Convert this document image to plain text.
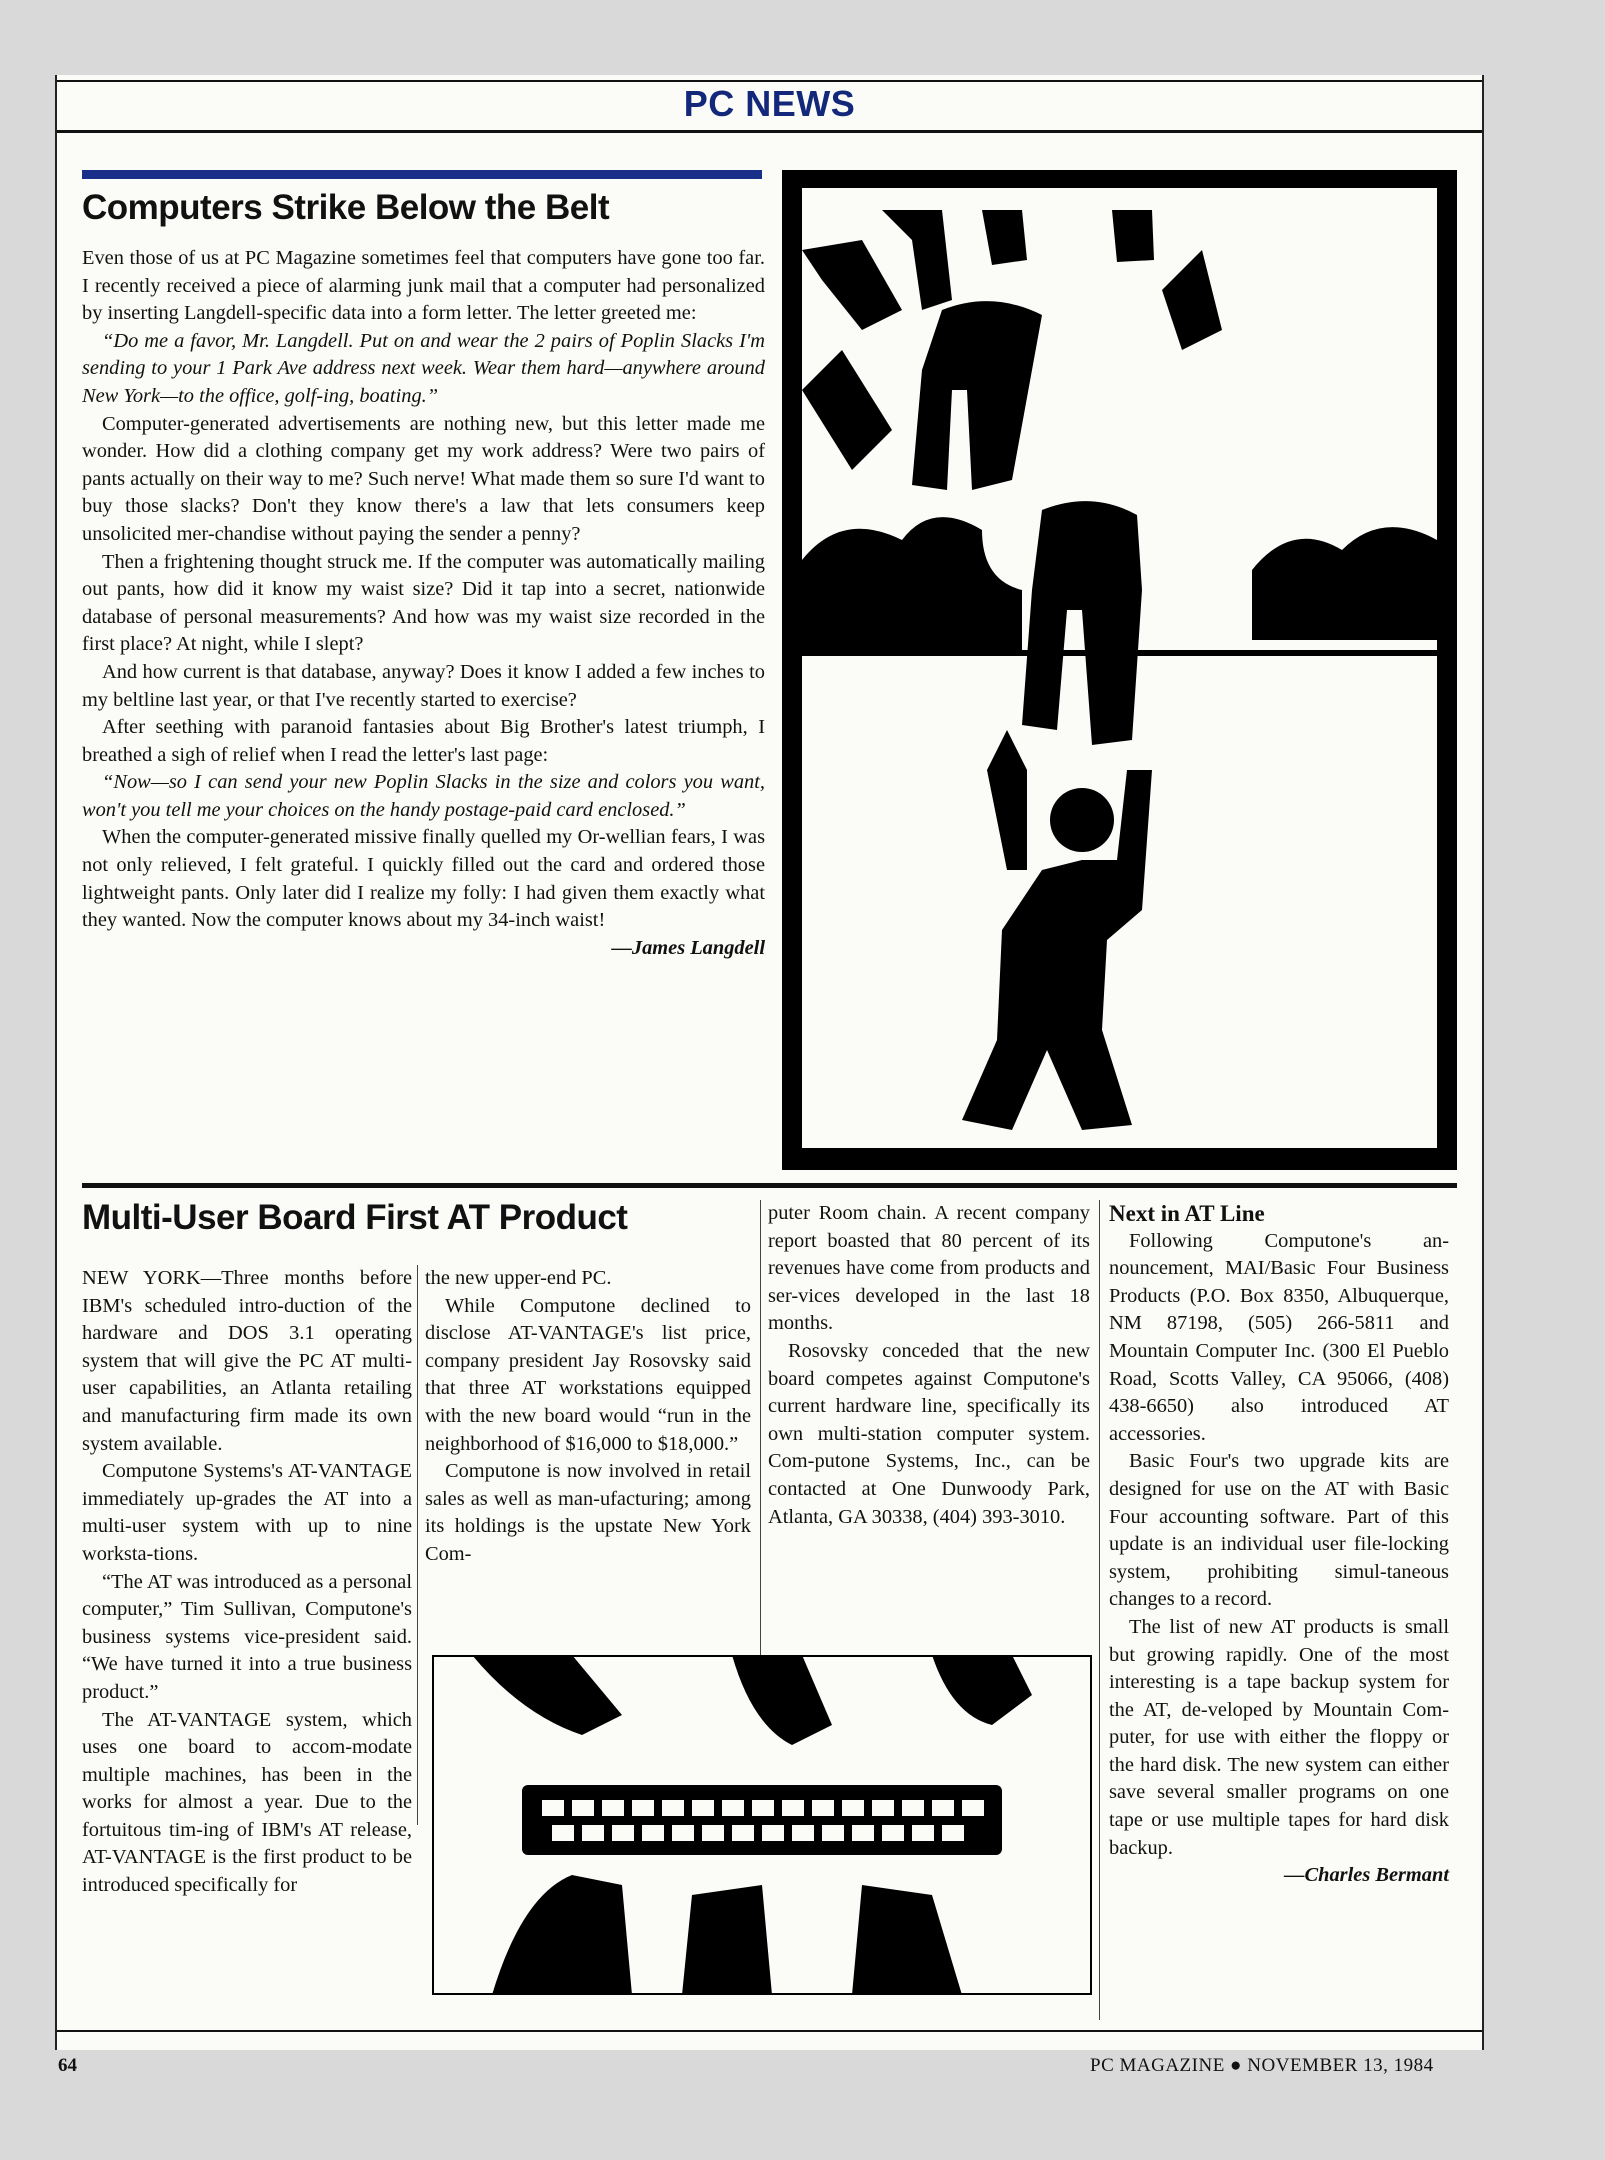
PC NEWS
Computers Strike Below the Belt

Even those of us at PC Magazine sometimes feel that computers have gone too far. I recently received a piece of alarming junk mail that a computer had personalized by inserting Langdell-specific data into a form letter. The letter greeted me:

“Do me a favor, Mr. Langdell. Put on and wear the 2 pairs of Poplin Slacks I'm sending to your 1 Park Ave address next week. Wear them hard—anywhere around New York—to the office, golf-ing, boating.”

Computer-generated advertisements are nothing new, but this letter made me wonder. How did a clothing company get my work address? Were two pairs of pants actually on their way to me? Such nerve! What made them so sure I'd want to buy those slacks? Don't they know there's a law that lets consumers keep unsolicited mer-chandise without paying the sender a penny?

Then a frightening thought struck me. If the computer was automatically mailing out pants, how did it know my waist size? Did it tap into a secret, nationwide database of personal measurements? And how was my waist size recorded in the first place? At night, while I slept?

And how current is that database, anyway? Does it know I added a few inches to my beltline last year, or that I've recently started to exercise?

After seething with paranoid fantasies about Big Brother's latest triumph, I breathed a sigh of relief when I read the letter's last page:

“Now—so I can send your new Poplin Slacks in the size and colors you want, won't you tell me your choices on the handy postage-paid card enclosed.”

When the computer-generated missive finally quelled my Or-wellian fears, I was not only relieved, I felt grateful. I quickly filled out the card and ordered those lightweight pants. Only later did I realize my folly: I had given them exactly what they wanted. Now the computer knows about my 34-inch waist!

—James Langdell

Multi-User Board First AT Product

NEW YORK—Three months before IBM's scheduled intro-duction of the hardware and DOS 3.1 operating system that will give the PC AT multi-user capabilities, an Atlanta retailing and manufacturing firm made its own system available.

Computone Systems's AT-VANTAGE immediately up-grades the AT into a multi-user system with up to nine worksta-tions.

“The AT was introduced as a personal computer,” Tim Sullivan, Computone's business systems vice-president said. “We have turned it into a true business product.”

The AT-VANTAGE system, which uses one board to accom-modate multiple machines, has been in the works for almost a year. Due to the fortuitous tim-ing of IBM's AT release, AT-VANTAGE is the first product to be introduced specifically for

the new upper-end PC.

While Computone declined to disclose AT-VANTAGE's list price, company president Jay Rosovsky said that three AT workstations equipped with the new board would “run in the neighborhood of $16,000 to $18,000.”

Computone is now involved in retail sales as well as man-ufacturing; among its holdings is the upstate New York Com-

puter Room chain. A recent company report boasted that 80 percent of its revenues have come from products and ser-vices developed in the last 18 months.

Rosovsky conceded that the new board competes against Computone's current hardware line, specifically its own multi-station computer system. Com-putone Systems, Inc., can be contacted at One Dunwoody Park, Atlanta, GA 30338, (404) 393-3010.

Next in AT Line

Following Computone's an-nouncement, MAI/Basic Four Business Products (P.O. Box 8350, Albuquerque, NM 87198, (505) 266-5811 and Mountain Computer Inc. (300 El Pueblo Road, Scotts Valley, CA 95066, (408) 438-6650) also introduced AT accessories.

Basic Four's two upgrade kits are designed for use on the AT with Basic Four accounting software. Part of this update is an individual user file-locking system, prohibiting simul-taneous changes to a record.

The list of new AT products is small but growing rapidly. One of the most interesting is a tape backup system for the AT, de-veloped by Mountain Com-puter, for use with either the floppy or the hard disk. The new system can either save several smaller programs on one tape or use multiple tapes for hard disk backup.

—Charles Bermant

64	PC MAGAZINE ● NOVEMBER 13, 1984
